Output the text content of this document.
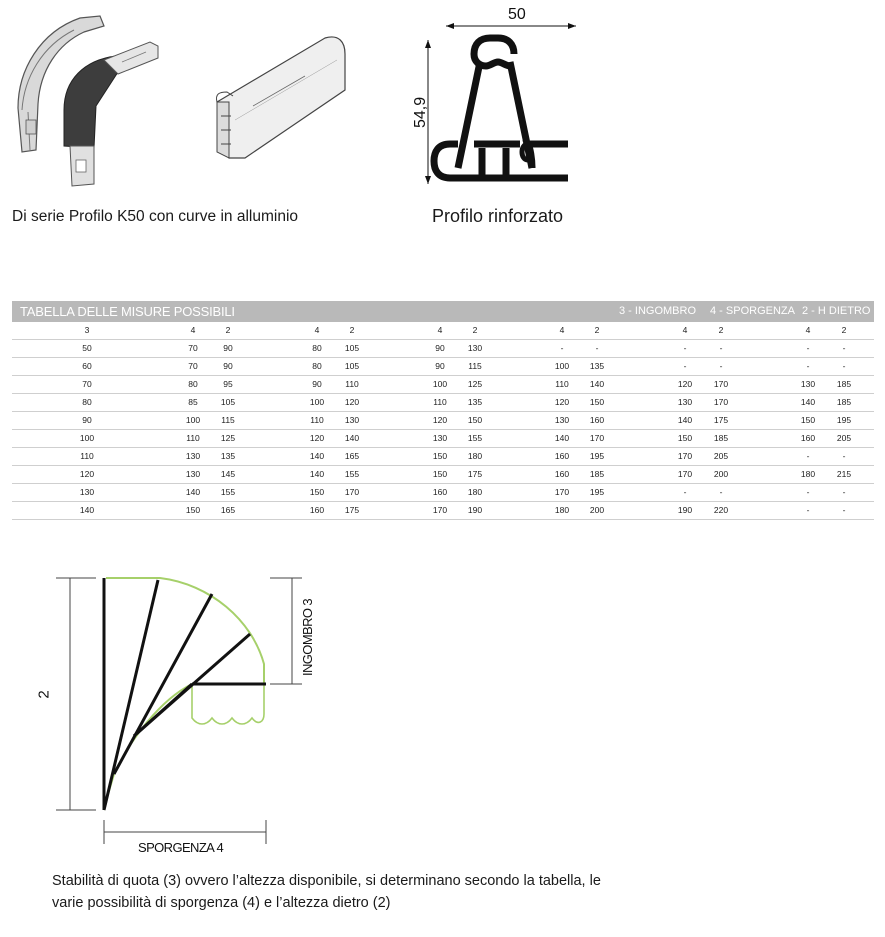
50
54,9
Di serie Profilo K50 con curve in alluminio	Profilo rinforzato
TABELLA DELLE MISURE POSSIBILI	3 - INGOMBRO 4 - SPORGENZA 2 - H DIETRO
3	4	2	4	2	4	2	4	2	4	2	4	2
50	70	90	80	105	90	130	-	-	-	-	-	-
60	70	90	80	105	90	115	100	135	-	-	-	-
70	80	95	90	110	100	125	110	140	120	170	130	185
80	85	105	100	120	110	135	120	150	130	170	140	185
90	100	115	110	130	120	150	130	160	140	175	150	195
100	110	125	120	140	130	155	140	170	150	185	160	205
110	130	135	140	165	150	180	160	195	170	205	-	-
120	130	145	140	155	150	175	160	185	170	200	180	215
130	140	155	150	170	160	180	170	195	-	-	-	-
140	150	165	160	175	170	190	180	200	190	220	-	-
2
INGOMBRO 3
SPORGENZA 4
Stabilità di quota (3) ovvero l’altezza disponibile, si determinano secondo la tabella, le
varie possibilità di sporgenza (4) e l’altezza dietro (2)
